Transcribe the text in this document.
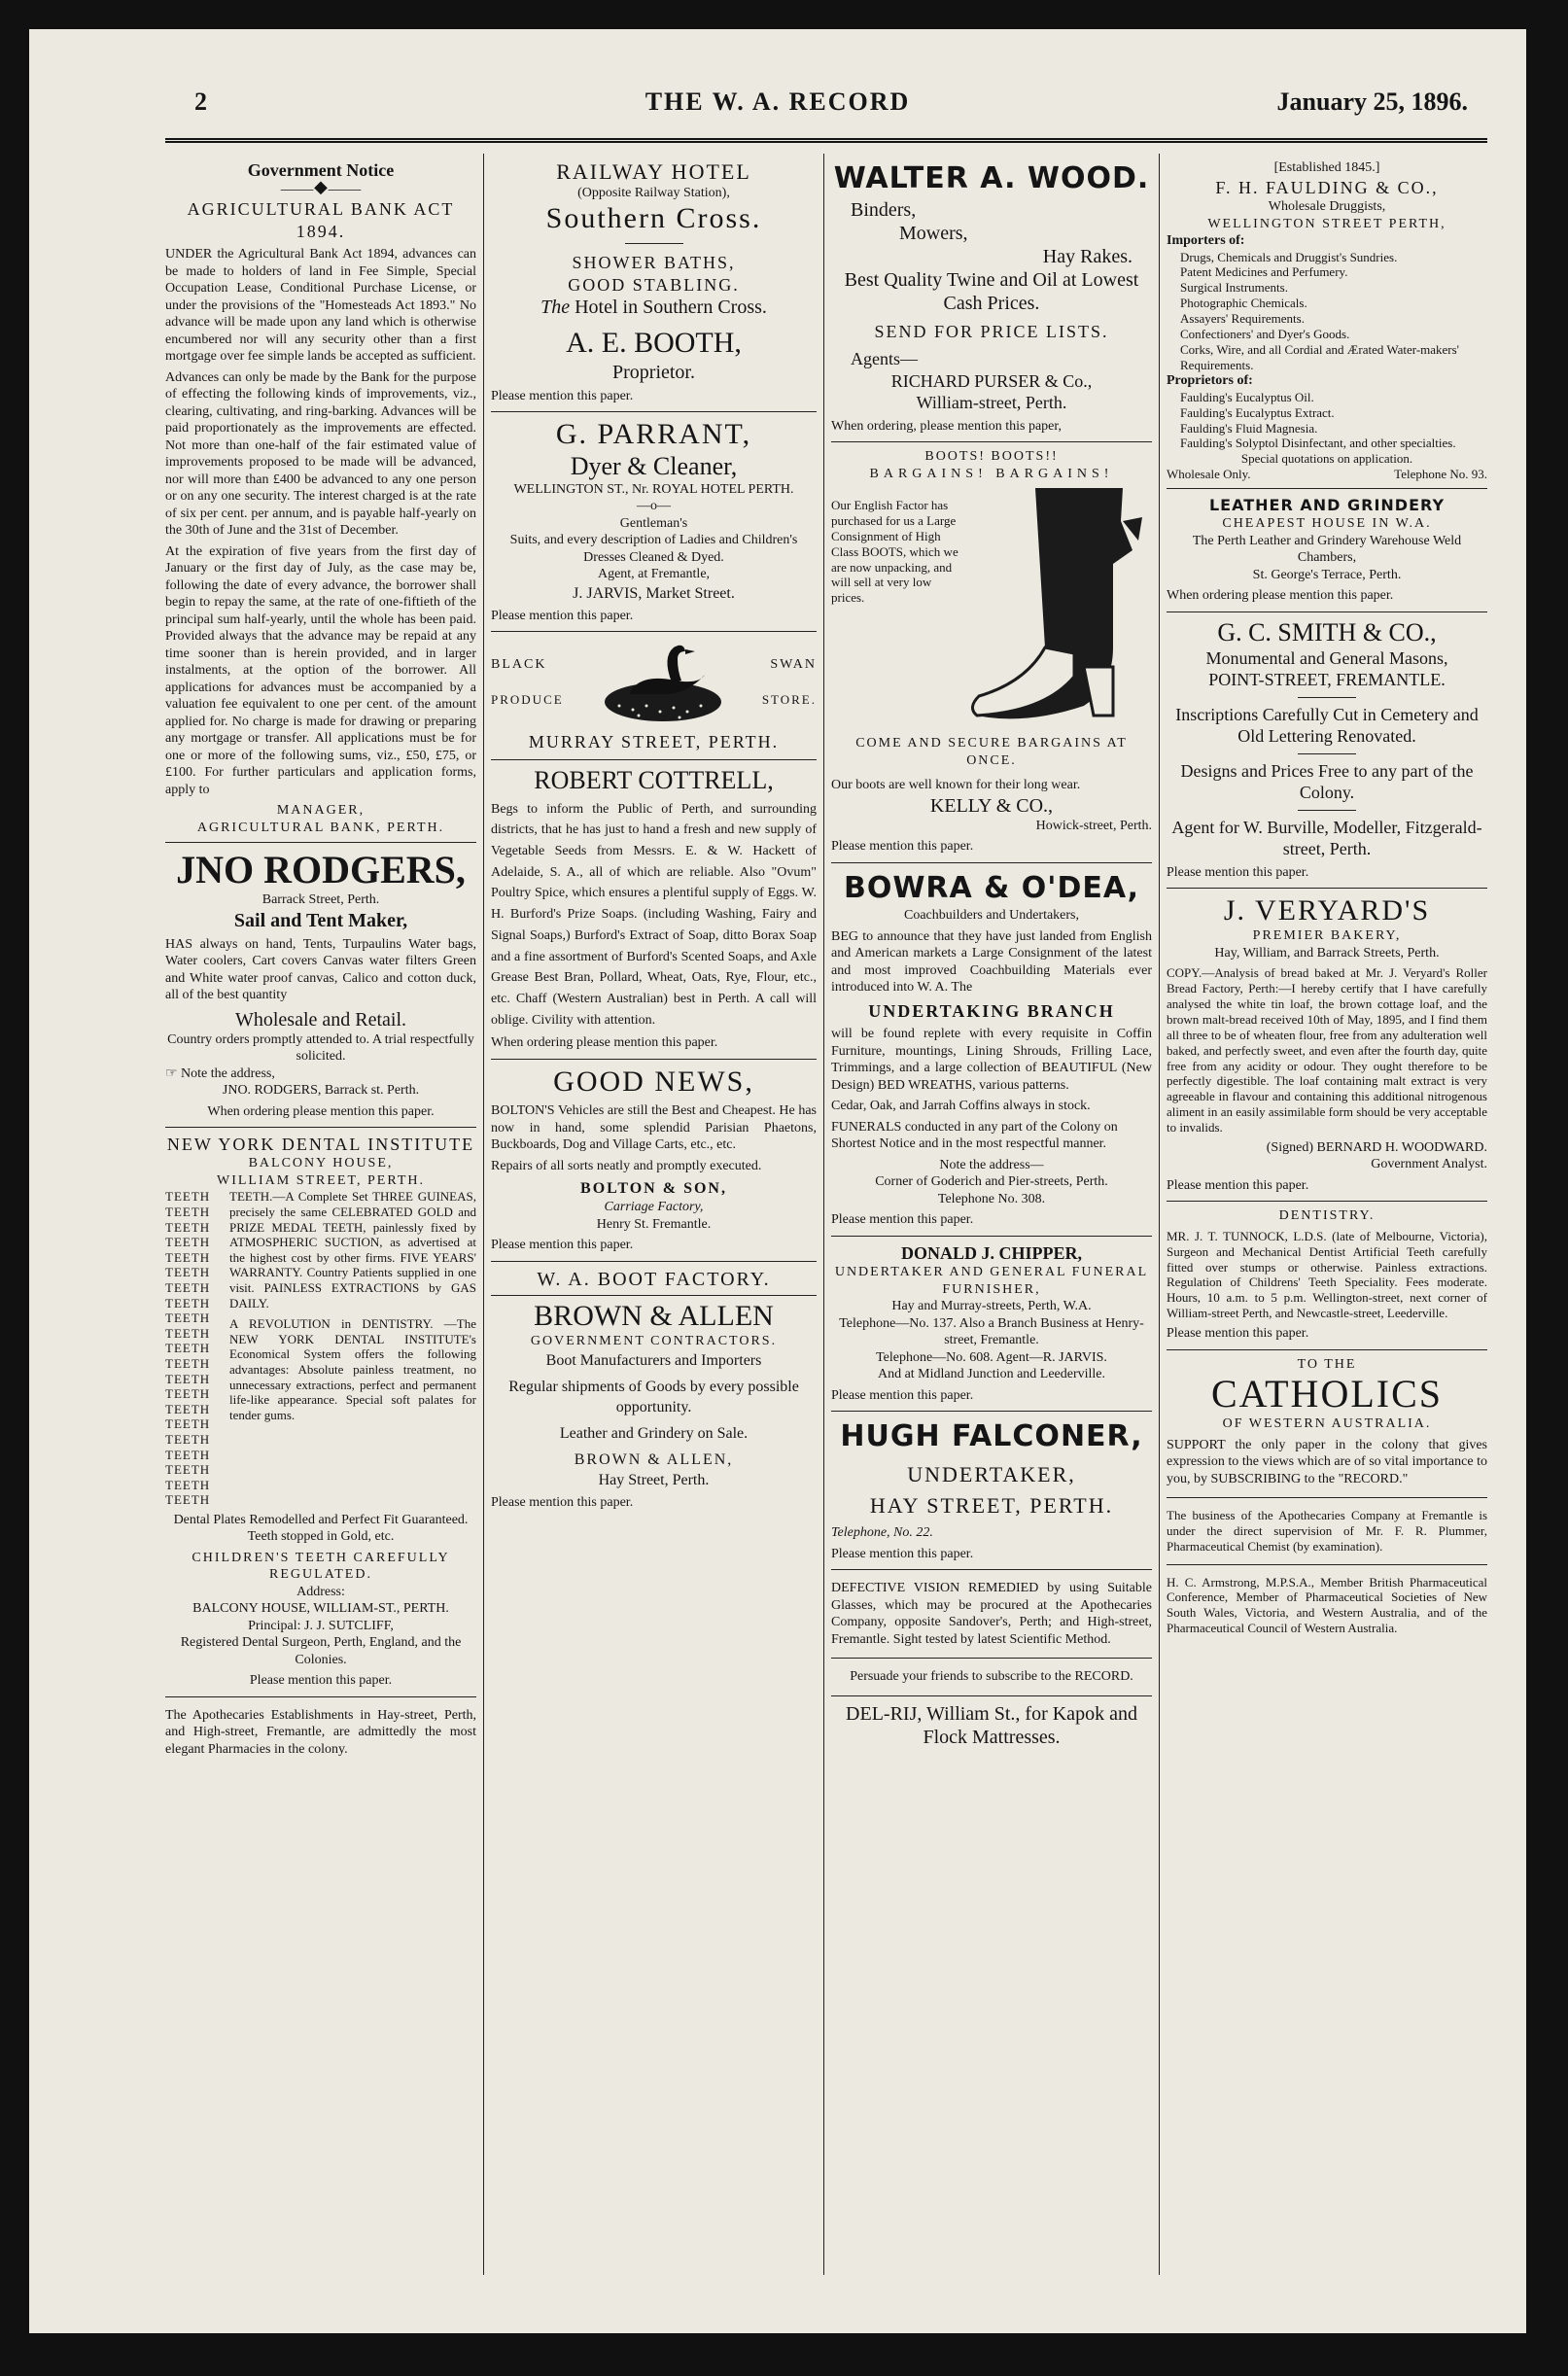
2	THE W. A. RECORD	January 25, 1896.
Government Notice
⸻◆⸻
AGRICULTURAL BANK ACT 1894.

UNDER the Agricultural Bank Act 1894, advances can be made to holders of land in Fee Simple, Special Occupation Lease, Conditional Purchase License, or under the provisions of the "Homesteads Act 1893." No advance will be made upon any land which is otherwise encumbered nor will any security other than a first mortgage over fee simple lands be accepted as sufficient.

Advances can only be made by the Bank for the purpose of effecting the following kinds of improvements, viz., clearing, cultivating, and ring-barking. Advances will be paid proportionately as the improvements are effected. Not more than one-half of the fair estimated value of improvements proposed to be made will be advanced, nor will more than £400 be advanced to any one person or on any one security. The interest charged is at the rate of six per cent. per annum, and is payable half-yearly on the 30th of June and the 31st of December.

At the expiration of five years from the first day of January or the first day of July, as the case may be, following the date of every advance, the borrower shall begin to repay the same, at the rate of one-fiftieth of the principal sum half-yearly, until the whole has been paid. Provided always that the advance may be repaid at any time sooner than is herein provided, and in larger instalments, at the option of the borrower. All applications for advances must be accompanied by a valuation fee equivalent to one per cent. of the amount applied for. No charge is made for drawing or preparing any mortgage or transfer. All applications must be for one or more of the following sums, viz., £50, £75, or £100. For further particulars and application forms, apply to

MANAGER,
AGRICULTURAL BANK, PERTH.
JNO RODGERS,
Barrack Street, Perth.
Sail and Tent Maker,

HAS always on hand, Tents, Turpaulins Water bags, Water coolers, Cart covers Canvas water filters Green and White water proof canvas, Calico and cotton duck, all of the best quantity

Wholesale and Retail.
Country orders promptly attended to. A trial respectfully solicited.
☞ Note the address,
JNO. RODGERS, Barrack st. Perth.
When ordering please mention this paper.
NEW YORK DENTAL INSTITUTE
BALCONY HOUSE,
WILLIAM STREET, PERTH.
TEETH
TEETH
TEETH
TEETH
TEETH
TEETH
TEETH
TEETH
TEETH
TEETH
TEETH
TEETH
TEETH
TEETH
TEETH
TEETH
TEETH
TEETH
TEETH
TEETH
TEETH

TEETH.—A Complete Set THREE GUINEAS, precisely the same CELEBRATED GOLD and PRIZE MEDAL TEETH, painlessly fixed by ATMOSPHERIC SUCTION, as advertised at the highest cost by other firms. FIVE YEARS' WARRANTY. Country Patients supplied in one visit. PAINLESS EXTRACTIONS by GAS DAILY.

A REVOLUTION in DENTISTRY. —The NEW YORK DENTAL INSTITUTE's Economical System offers the following advantages: Absolute painless treatment, no unnecessary extractions, perfect and permanent life-like appearance. Special soft palates for tender gums.

Dental Plates Remodelled and Perfect Fit Guaranteed. Teeth stopped in Gold, etc.

CHILDREN'S TEETH CAREFULLY REGULATED.
Address:
BALCONY HOUSE, WILLIAM-ST., PERTH.
Principal: J. J. SUTCLIFF,
Registered Dental Surgeon, Perth, England, and the Colonies.
Please mention this paper.

The Apothecaries Establishments in Hay-street, Perth, and High-street, Fremantle, are admittedly the most elegant Pharmacies in the colony.

RAILWAY HOTEL
(Opposite Railway Station),
Southern Cross.
SHOWER BATHS,
GOOD STABLING.
The Hotel in Southern Cross.
A. E. BOOTH,
Proprietor.
Please mention this paper.
G. PARRANT,
Dyer & Cleaner,
WELLINGTON ST., Nr. ROYAL HOTEL PERTH.
—o—
Gentleman's
Suits, and every description of Ladies and Children's Dresses Cleaned & Dyed.
Agent, at Fremantle,
J. JARVIS, Market Street.
Please mention this paper.
BLACK
PRODUCE
SWAN
STORE.
MURRAY STREET, PERTH.
ROBERT COTTRELL,

Begs to inform the Public of Perth, and surrounding districts, that he has just to hand a fresh and new supply of Vegetable Seeds from Messrs. E. & W. Hackett of Adelaide, S. A., all of which are reliable. Also "Ovum" Poultry Spice, which ensures a plentiful supply of Eggs. W. H. Burford's Prize Soaps. (including Washing, Fairy and Signal Soaps,) Burford's Extract of Soap, ditto Borax Soap and a fine assortment of Burford's Scented Soaps, and Axle Grease Best Bran, Pollard, Wheat, Oats, Rye, Flour, etc., etc. Chaff (Western Australian) best in Perth. A call will oblige. Civility with attention.

When ordering please mention this paper.
GOOD NEWS,

BOLTON'S Vehicles are still the Best and Cheapest. He has now in hand, some splendid Parisian Phaetons, Buckboards, Dog and Village Carts, etc., etc.

Repairs of all sorts neatly and promptly executed.

BOLTON & SON,
Carriage Factory,
Henry St. Fremantle.
Please mention this paper.
W. A. BOOT FACTORY.
BROWN & ALLEN
GOVERNMENT CONTRACTORS.
Boot Manufacturers and Importers
Regular shipments of Goods by every possible opportunity.
Leather and Grindery on Sale.
BROWN & ALLEN,
Hay Street, Perth.
Please mention this paper.
WALTER A. WOOD.
Binders,
Mowers,
Hay Rakes.
Best Quality Twine and Oil at Lowest Cash Prices.
SEND FOR PRICE LISTS.
Agents—
RICHARD PURSER & Co.,
William-street, Perth.
When ordering, please mention this paper,
BOOTS! BOOTS!!
BARGAINS! BARGAINS!

Our English Factor has purchased for us a Large Consignment of High Class BOOTS, which we are now unpacking, and will sell at very low prices.

COME AND SECURE BARGAINS AT ONCE.
Our boots are well known for their long wear.
KELLY & CO.,
Howick-street, Perth.
Please mention this paper.
BOWRA & O'DEA,
Coachbuilders and Undertakers,

BEG to announce that they have just landed from English and American markets a Large Consignment of the latest and most improved Coachbuilding Materials ever introduced into W. A. The

UNDERTAKING BRANCH

will be found replete with every requisite in Coffin Furniture, mountings, Lining Shrouds, Frilling Lace, Trimmings, and a large collection of BEAUTIFUL (New Design) BED WREATHS, various patterns.

Cedar, Oak, and Jarrah Coffins always in stock.

FUNERALS conducted in any part of the Colony on Shortest Notice and in the most respectful manner.

Note the address—
Corner of Goderich and Pier-streets, Perth.
Telephone No. 308.
Please mention this paper.
DONALD J. CHIPPER,
UNDERTAKER AND GENERAL FUNERAL FURNISHER,
Hay and Murray-streets, Perth, W.A.
Telephone—No. 137. Also a Branch Business at Henry-street, Fremantle.
Telephone—No. 608. Agent—R. JARVIS.
And at Midland Junction and Leederville.
Please mention this paper.
HUGH FALCONER,
UNDERTAKER,
HAY STREET, PERTH.
Telephone, No. 22.
Please mention this paper.

DEFECTIVE VISION REMEDIED by using Suitable Glasses, which may be procured at the Apothecaries Company, opposite Sandover's, Perth; and High-street, Fremantle. Sight tested by latest Scientific Method.

Persuade your friends to subscribe to the RECORD.

DEL-RIJ, William St., for Kapok and Flock Mattresses.
[Established 1845.]
F. H. FAULDING & CO.,
Wholesale Druggists,
WELLINGTON STREET PERTH,
Importers of:
Drugs, Chemicals and Druggist's Sundries.
Patent Medicines and Perfumery.
Surgical Instruments.
Photographic Chemicals.
Assayers' Requirements.
Confectioners' and Dyer's Goods.
Corks, Wire, and all Cordial and Ærated Water-makers' Requirements.
Proprietors of:
Faulding's Eucalyptus Oil.
Faulding's Eucalyptus Extract.
Faulding's Fluid Magnesia.
Faulding's Solyptol Disinfectant, and other specialties.
Special quotations on application.
Wholesale Only.	Telephone No. 93.
LEATHER AND GRINDERY
CHEAPEST HOUSE IN W.A.
The Perth Leather and Grindery Warehouse Weld Chambers,
St. George's Terrace, Perth.
When ordering please mention this paper.
G. C. SMITH & CO.,
Monumental and General Masons,
POINT-STREET, FREMANTLE.
Inscriptions Carefully Cut in Cemetery and Old Lettering Renovated.
Designs and Prices Free to any part of the Colony.
Agent for W. Burville, Modeller, Fitzgerald-street, Perth.
Please mention this paper.
J. VERYARD'S
PREMIER BAKERY,
Hay, William, and Barrack Streets, Perth.

COPY.—Analysis of bread baked at Mr. J. Veryard's Roller Bread Factory, Perth:—I hereby certify that I have carefully analysed the white tin loaf, the brown cottage loaf, and the brown malt-bread received 10th of May, 1895, and I find them all three to be of wheaten flour, free from any adulteration well baked, and perfectly sweet, and even after the fourth day, quite free from any acidity or odour. They ought therefore to be perfectly digestible. The loaf containing malt extract is very agreeable in flavour and containing this additional nitrogenous aliment in an easily assimilable form should be very acceptable to invalids.

(Signed) BERNARD H. WOODWARD.
Government Analyst.
Please mention this paper.
DENTISTRY.

MR. J. T. TUNNOCK, L.D.S. (late of Melbourne, Victoria), Surgeon and Mechanical Dentist Artificial Teeth carefully fitted over stumps or otherwise. Painless extractions. Regulation of Childrens' Teeth Speciality. Fees moderate. Hours, 10 a.m. to 5 p.m. Wellington-street, next corner of William-street Perth, and Newcastle-street, Leederville.

Please mention this paper.
TO THE
CATHOLICS
OF WESTERN AUSTRALIA.

SUPPORT the only paper in the colony that gives expression to the views which are of so vital importance to you, by SUBSCRIBING to the "RECORD."

The business of the Apothecaries Company at Fremantle is under the direct supervision of Mr. F. R. Plummer, Pharmaceutical Chemist (by examination).

H. C. Armstrong, M.P.S.A., Member British Pharmaceutical Conference, Member of Pharmaceutical Societies of New South Wales, Victoria, and Western Australia, and of the Pharmaceutical Council of Western Australia.
